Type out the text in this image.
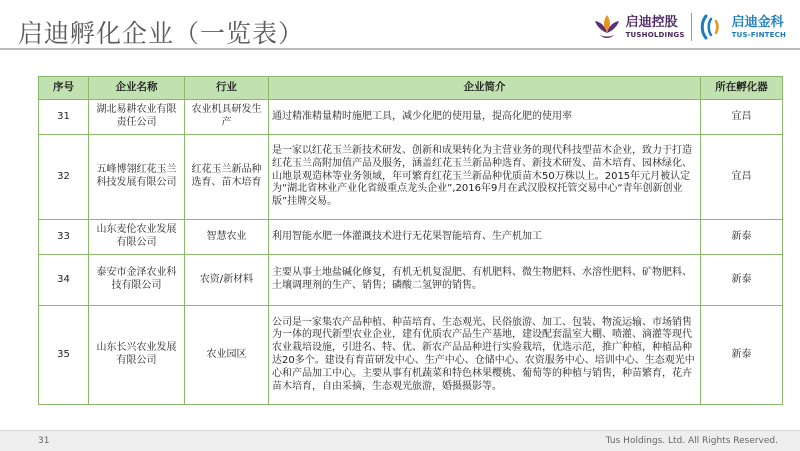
启迪孵化企业（一览表）	启迪控股
TUSHOLDINGS
启迪金科
TUS-FINTECH
序号	企业名称	行业	企业简介	所在孵化器
31	湖北易耕农业有限责任公司	农业机具研发生产	通过精准精量精时施肥工具，减少化肥的使用量，提高化肥的使用率	宜昌
32	五峰博翎红花玉兰科技发展有限公司	红花玉兰新品种选育、苗木培育	是一家以红花玉兰新技术研发、创新和成果转化为主营业务的现代科技型苗木企业，致力于打造红花玉兰高附加值产品及服务，涵盖红花玉兰新品种选育、新技术研发、苗木培育、园林绿化、山地景观造林等业务领域，年可繁育红花玉兰新品种优质苗木50万株以上。2015年元月被认定为“湖北省林业产业化省级重点龙头企业”,2016年9月在武汉股权托管交易中心“青年创新创业版”挂牌交易。	宜昌
33	山东麦伦农业发展有限公司	智慧农业	利用智能水肥一体灌溉技术进行无花果智能培育、生产机加工	新泰
34	泰安市金泽农业科技有限公司	农资/新材料	主要从事土地盐碱化修复，有机无机复混肥、有机肥料、微生物肥料、水溶性肥料、矿物肥料、土壤调理剂的生产、销售；磷酸二氢钾的销售。	新泰
35	山东长兴农业发展有限公司	农业园区	公司是一家集农产品种植、种苗培育、生态观光、民俗旅游、加工、包装、物流运输、市场销售为一体的现代新型农业企业，建有优质农产品生产基地，建设配套温室大棚、喷灌、滴灌等现代农业栽培设施，引进名、特、优、新农产品品种进行实验栽培，优选示范，推广种植，种植品种达20多个。建设有育苗研发中心、生产中心、仓储中心、农资服务中心、培训中心、生态观光中心和产品加工中心。主要从事有机蔬菜和特色林果樱桃、葡萄等的种植与销售，种苗繁育，花卉苗木培育，自由采摘，生态观光旅游，婚摄摄影等。	新泰
31	Tus Holdings. Ltd. All Rights Reserved.
